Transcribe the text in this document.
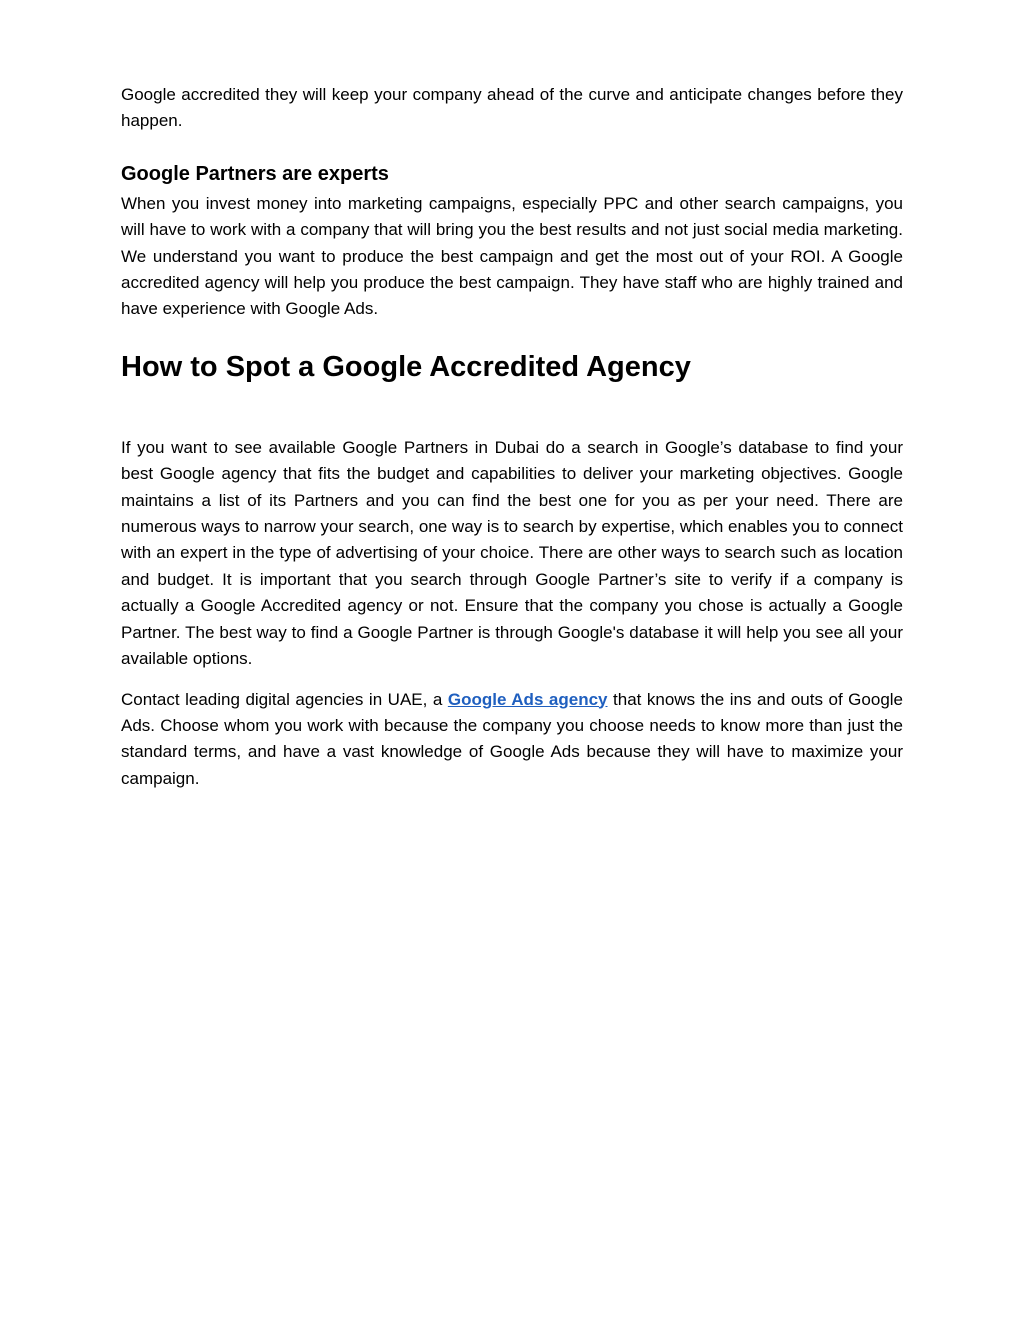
Google accredited they will keep your company ahead of the curve and anticipate changes before they happen.

Google Partners are experts

When you invest money into marketing campaigns, especially PPC and other search campaigns, you will have to work with a company that will bring you the best results and not just social media marketing. We understand you want to produce the best campaign and get the most out of your ROI. A Google accredited agency will help you produce the best campaign. They have staff who are highly trained and have experience with Google Ads.

How to Spot a Google Accredited Agency

If you want to see available Google Partners in Dubai do a search in Google’s database to find your best Google agency that fits the budget and capabilities to deliver your marketing objectives. Google maintains a list of its Partners and you can find the best one for you as per your need. There are numerous ways to narrow your search, one way is to search by expertise, which enables you to connect with an expert in the type of advertising of your choice. There are other ways to search such as location and budget. It is important that you search through Google Partner’s site to verify if a company is actually a Google Accredited agency or not. Ensure that the company you chose is actually a Google Partner. The best way to find a Google Partner is through Google's database it will help you see all your available options.

Contact leading digital agencies in UAE, a Google Ads agency that knows the ins and outs of Google Ads. Choose whom you work with because the company you choose needs to know more than just the standard terms, and have a vast knowledge of Google Ads because they will have to maximize your campaign.
